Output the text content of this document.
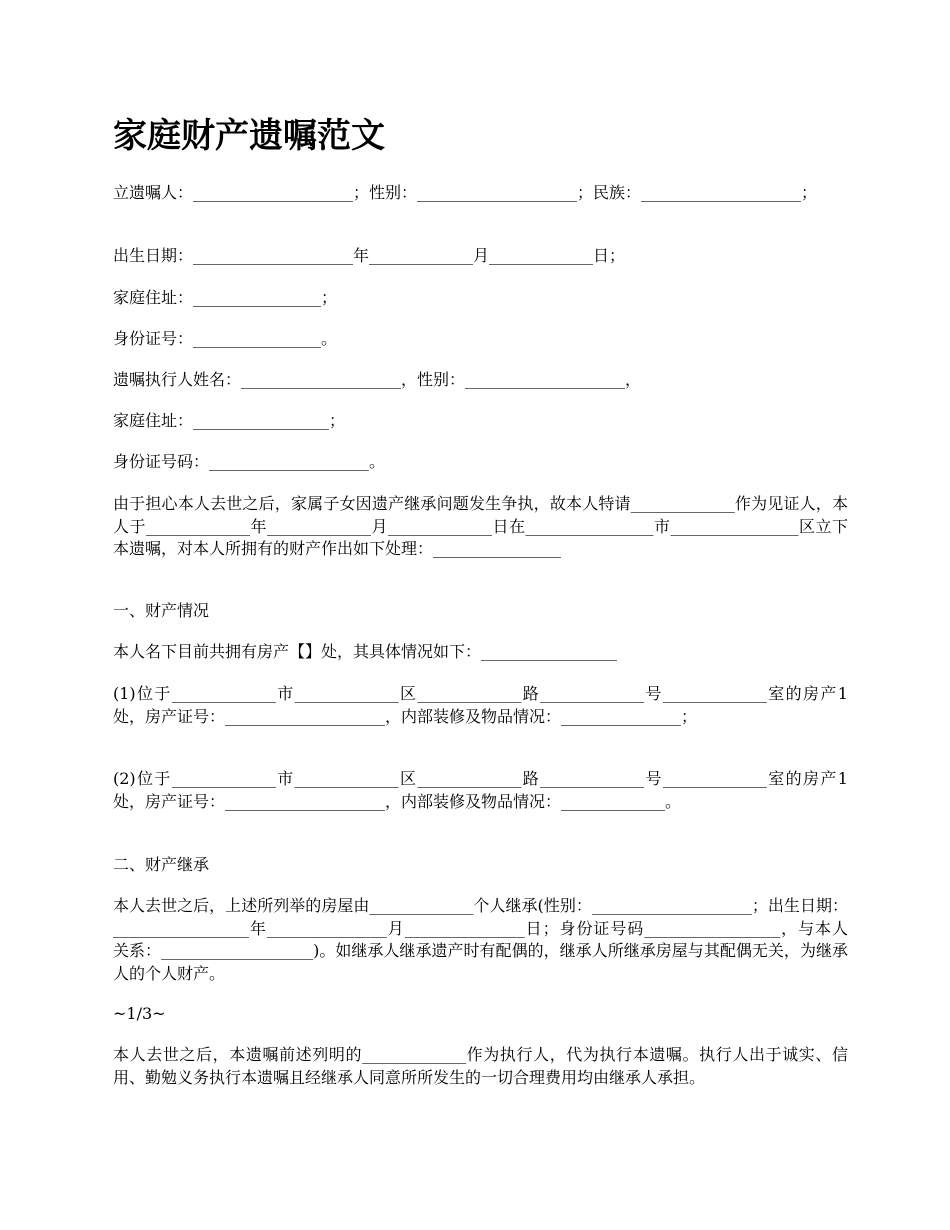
家庭财产遗嘱范文

立遗嘱人：____________________；性别：____________________；民族：____________________；

出生日期：____________________年_____________月_____________日；

家庭住址：________________；

身份证号：________________。

遗嘱执行人姓名：____________________，性别：____________________，

家庭住址：_________________；

身份证号码：____________________。

由于担心本人去世之后，家属子女因遗产继承问题发生争执，故本人特请_____________作为见证人，本人于_____________年_____________月_____________日在________________市________________区立下本遗嘱，对本人所拥有的财产作出如下处理：________________

一、财产情况

本人名下目前共拥有房产【】处，其具体情况如下：_________________

(1)位于_____________市_____________区_____________路_____________号_____________室的房产1处，房产证号：____________________，内部装修及物品情况：_______________；

(2)位于_____________市_____________区_____________路_____________号_____________室的房产1处，房产证号：____________________，内部装修及物品情况：_____________。

二、财产继承

本人去世之后，上述所列举的房屋由_____________个人继承(性别：____________________；出生日期：_________________年_______________月_______________日；身份证号码_________________，与本人关系：___________________)。如继承人继承遗产时有配偶的，继承人所继承房屋与其配偶无关，为继承人的个人财产。

~1/3~

本人去世之后，本遗嘱前述列明的_____________作为执行人，代为执行本遗嘱。执行人出于诚实、信用、勤勉义务执行本遗嘱且经继承人同意所所发生的一切合理费用均由继承人承担。
